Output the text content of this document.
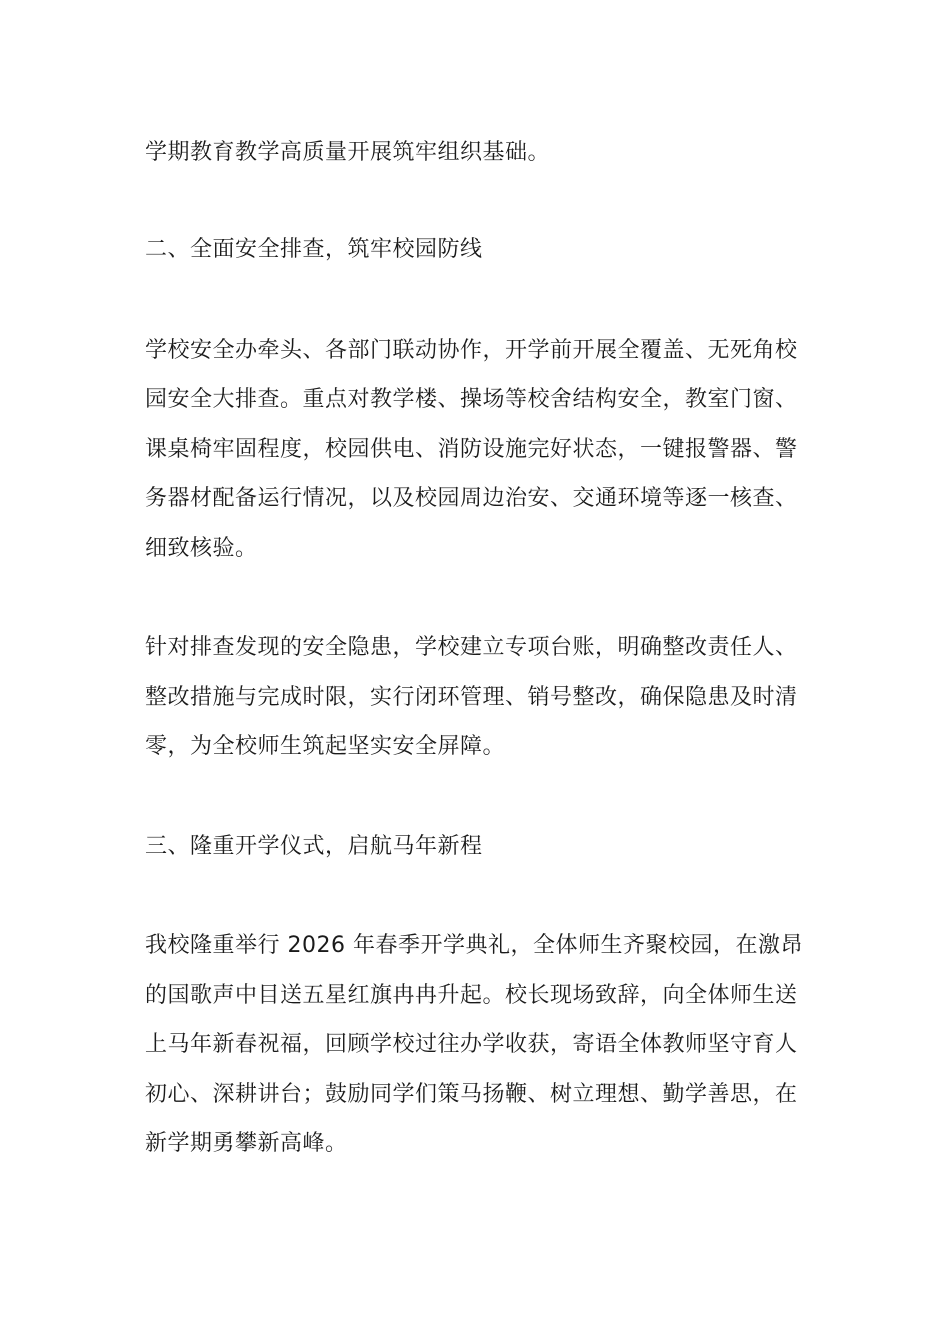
学期教育教学高质量开展筑牢组织基础。
二、全面安全排查，筑牢校园防线
学校安全办牵头、各部门联动协作，开学前开展全覆盖、无死角校
园安全大排查。重点对教学楼、操场等校舍结构安全，教室门窗、
课桌椅牢固程度，校园供电、消防设施完好状态，一键报警器、警
务器材配备运行情况，以及校园周边治安、交通环境等逐一核查、
细致核验。
针对排查发现的安全隐患，学校建立专项台账，明确整改责任人、
整改措施与完成时限，实行闭环管理、销号整改，确保隐患及时清
零，为全校师生筑起坚实安全屏障。
三、隆重开学仪式，启航马年新程
我校隆重举行 2026 年春季开学典礼，全体师生齐聚校园，在激昂
的国歌声中目送五星红旗冉冉升起。校长现场致辞，向全体师生送
上马年新春祝福，回顾学校过往办学收获，寄语全体教师坚守育人
初心、深耕讲台；鼓励同学们策马扬鞭、树立理想、勤学善思，在
新学期勇攀新高峰。
